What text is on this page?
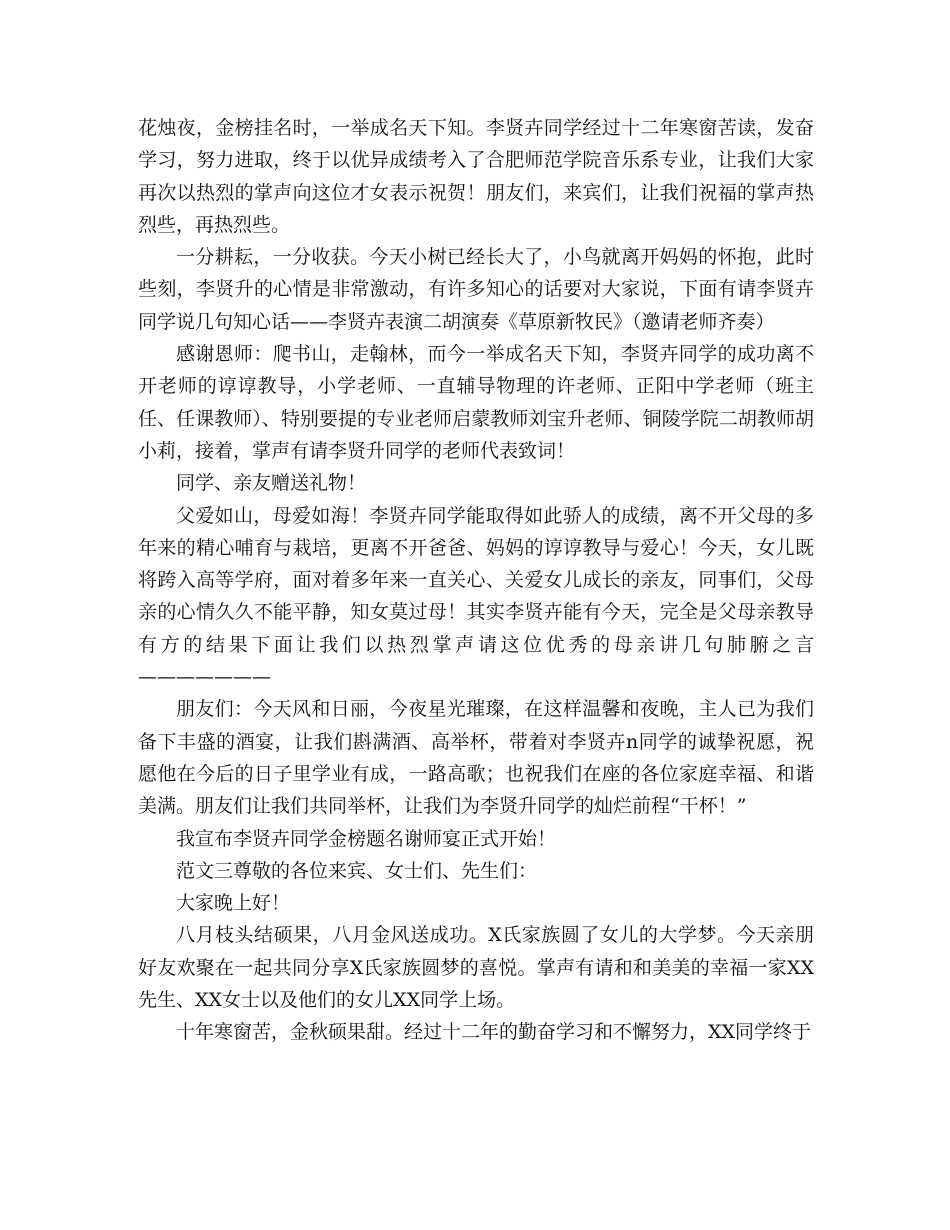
花烛夜，金榜挂名时，一举成名天下知。李贤卉同学经过十二年寒窗苦读，发奋学习，努力进取，终于以优异成绩考入了合肥师范学院音乐系专业，让我们大家再次以热烈的掌声向这位才女表示祝贺！朋友们，来宾们，让我们祝福的掌声热烈些，再热烈些。

一分耕耘，一分收获。今天小树已经长大了，小鸟就离开妈妈的怀抱，此时些刻，李贤升的心情是非常激动，有许多知心的话要对大家说，下面有请李贤卉同学说几句知心话——李贤卉表演二胡演奏《草原新牧民》（邀请老师齐奏）

感谢恩师：爬书山，走翰林，而今一举成名天下知，李贤卉同学的成功离不开老师的谆谆教导，小学老师、一直辅导物理的许老师、正阳中学老师（班主任、任课教师）、特别要提的专业老师启蒙教师刘宝升老师、铜陵学院二胡教师胡小莉，接着，掌声有请李贤升同学的老师代表致词！

同学、亲友赠送礼物！

父爱如山，母爱如海！李贤卉同学能取得如此骄人的成绩，离不开父母的多年来的精心哺育与栽培，更离不开爸爸、妈妈的谆谆教导与爱心！今天，女儿既将跨入高等学府，面对着多年来一直关心、关爱女儿成长的亲友，同事们，父母亲的心情久久不能平静，知女莫过母！其实李贤卉能有今天，完全是父母亲教导有方的结果下面让我们以热烈掌声请这位优秀的母亲讲几句肺腑之言———————

朋友们：今天风和日丽，今夜星光璀璨，在这样温馨和夜晚，主人已为我们备下丰盛的酒宴，让我们斟满酒、高举杯，带着对李贤卉n同学的诚挚祝愿，祝愿他在今后的日子里学业有成，一路高歌；也祝我们在座的各位家庭幸福、和谐美满。朋友们让我们共同举杯，让我们为李贤升同学的灿烂前程“干杯！”

我宣布李贤卉同学金榜题名谢师宴正式开始！

范文三尊敬的各位来宾、女士们、先生们：

大家晚上好！

八月枝头结硕果，八月金风送成功。X氏家族圆了女儿的大学梦。今天亲朋好友欢聚在一起共同分享X氏家族圆梦的喜悦。掌声有请和和美美的幸福一家XX先生、XX女士以及他们的女儿XX同学上场。

十年寒窗苦，金秋硕果甜。经过十二年的勤奋学习和不懈努力，XX同学终于
